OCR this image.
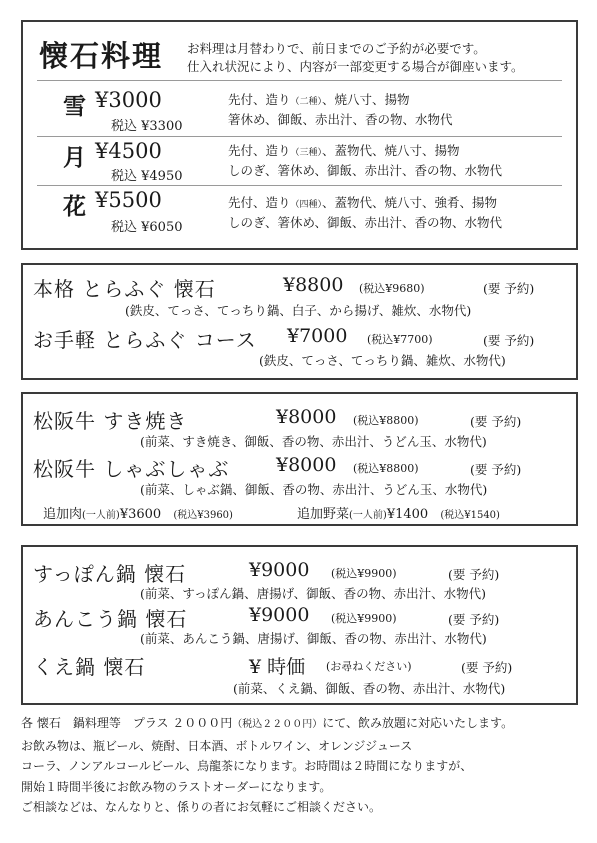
懐石料理 お料理は月替わりで、前日までのご予約が必要です。
仕入れ状況により、内容が一部変更する場合が御座います。
雪 ¥3000
税込 ¥3300
先付、造り（二種）、焼八寸、揚物
箸休め、御飯、赤出汁、香の物、水物代
月 ¥4500
税込 ¥4950
先付、造り（三種）、蓋物代、焼八寸、揚物
しのぎ、箸休め、御飯、赤出汁、香の物、水物代
花 ¥5500
税込 ¥6050
先付、造り（四種）、蓋物代、焼八寸、強肴、揚物
しのぎ、箸休め、御飯、赤出汁、香の物、水物代
本格 とらふぐ 懐石	¥8800 (税込¥9680)	(要 予約)
(鉄皮、てっさ、てっちり鍋、白子、から揚げ、雑炊、水物代)
お手軽 とらふぐ コース ¥7000 (税込¥7700)	(要 予約)
(鉄皮、てっさ、てっちり鍋、雑炊、水物代)
松阪牛 すき焼き	¥8000 (税込¥8800)	(要 予約)
(前菜、すき焼き、御飯、香の物、赤出汁、うどん玉、水物代)
松阪牛 しゃぶしゃぶ ¥8000 (税込¥8800)	(要 予約)
(前菜、しゃぶ鍋、御飯、香の物、赤出汁、うどん玉、水物代)
追加肉(一人前)¥3600 (税込¥3960)	追加野菜(一人前)¥1400 (税込¥1540)
すっぽん鍋 懐石	¥9000 (税込¥9900)	(要 予約)
(前菜、すっぽん鍋、唐揚げ、御飯、香の物、赤出汁、水物代)
あんこう鍋 懐石	¥9000 (税込¥9900)	(要 予約)
(前菜、あんこう鍋、唐揚げ、御飯、香の物、赤出汁、水物代)
くえ鍋 懐石	¥ 時価 (お尋ねください)	(要 予約)
(前菜、くえ鍋、御飯、香の物、赤出汁、水物代)

各 懐石　鍋料理等　プラス ２０００円（税込２２００円）にて、飲み放題に対応いたします。

お飲み物は、瓶ビール、焼酎、日本酒、ボトルワイン、オレンジジュース

コーラ、ノンアルコールビール、烏龍茶になります。お時間は２時間になりますが、

開始１時間半後にお飲み物のラストオーダーになります。

ご相談などは、なんなりと、係りの者にお気軽にご相談ください。
